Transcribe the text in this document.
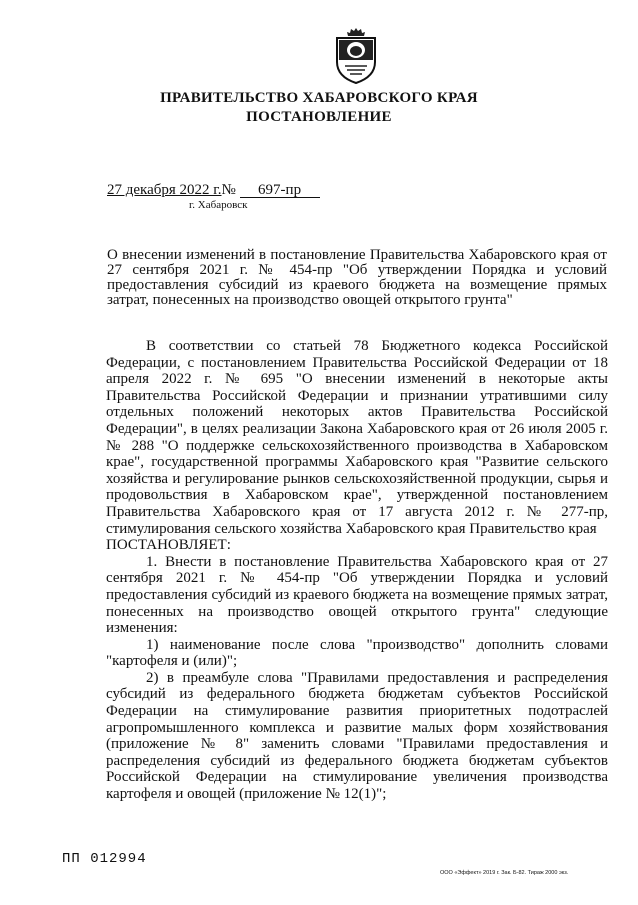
ПРАВИТЕЛЬСТВО ХАБАРОВСКОГО КРАЯ
ПОСТАНОВЛЕНИЕ
27 декабря 2022 г.№ 697-пр
г. Хабаровск
О внесении изменений в постановление Правительства Хабаровского края от 27 сентября 2021 г. № 454-пр "Об утверждении Порядка и условий предоставления субсидий из краевого бюджета на возмещение прямых затрат, понесенных на производство овощей открытого грунта"

В соответствии со статьей 78 Бюджетного кодекса Российской Федерации, с постановлением Правительства Российской Федерации от 18 апреля 2022 г. № 695 "О внесении изменений в некоторые акты Правительства Российской Федерации и признании утратившими силу отдельных положений некоторых актов Правительства Российской Федерации", в целях реализации Закона Хабаровского края от 26 июля 2005 г. № 288 "О поддержке сельскохозяйственного производства в Хабаровском крае", государственной программы Хабаровского края "Развитие сельского хозяйства и регулирование рынков сельскохозяйственной продукции, сырья и продовольствия в Хабаровском крае", утвержденной постановлением Правительства Хабаровского края от 17 августа 2012 г. № 277-пр, стимулирования сельского хозяйства Хабаровского края Правительство края

ПОСТАНОВЛЯЕТ:

1. Внести в постановление Правительства Хабаровского края от 27 сентября 2021 г. № 454-пр "Об утверждении Порядка и условий предоставления субсидий из краевого бюджета на возмещение прямых затрат, понесенных на производство овощей открытого грунта" следующие изменения:

1) наименование после слова "производство" дополнить словами "картофеля и (или)";

2) в преамбуле слова "Правилами предоставления и распределения субсидий из федерального бюджета бюджетам субъектов Российской Федерации на стимулирование развития приоритетных подотраслей агропромышленного комплекса и развитие малых форм хозяйствования (приложение № 8" заменить словами "Правилами предоставления и распределения субсидий из федерального бюджета бюджетам субъектов Российской Федерации на стимулирование увеличения производства картофеля и овощей (приложение № 12(1)";

ПП 012994
ООО «Эффект» 2019 г. Зак. Б-82. Тираж 2000 экз.
